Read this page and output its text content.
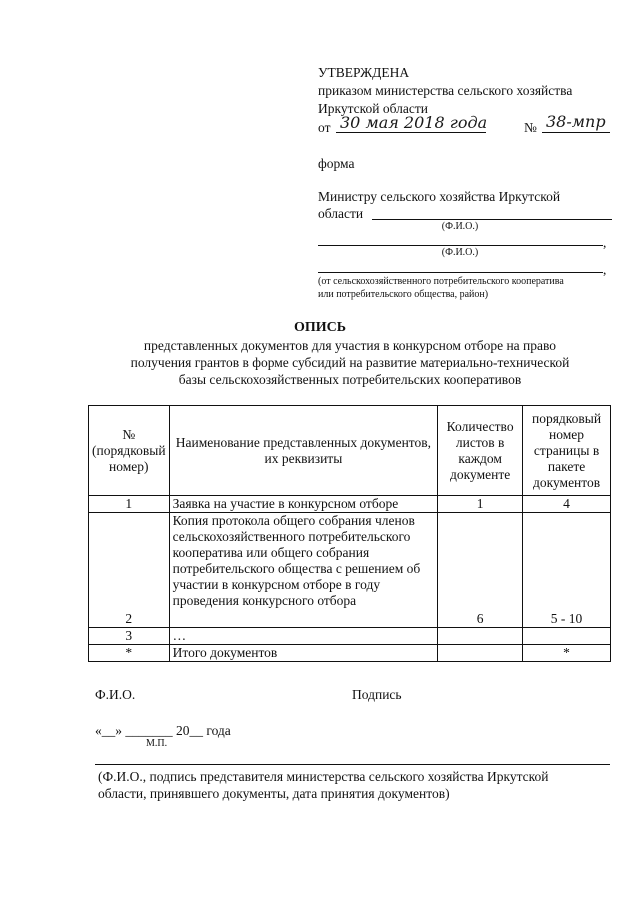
УТВЕРЖДЕНА
приказом министерства сельского хозяйства
Иркутской области
от 30 мая 2018 года	№ 38-мпр
форма
Министру сельского хозяйства Иркутской
области
(Ф.И.О.)
,
(Ф.И.О.)
,
(от сельскохозяйственного потребительского кооператива
или потребительского общества, район)
ОПИСЬ
представленных документов для участия в конкурсном отборе на право
получения грантов в форме субсидий на развитие материально-технической
базы сельскохозяйственных потребительских кооперативов
№ (порядковый номер)	Наименование представленных документов, их реквизиты	Количество листов в каждом документе	порядковый номер страницы в пакете документов
1	Заявка на участие в конкурсном отборе	1	4
2	Копия протокола общего собрания членов сельскохозяйственного потребительского кооператива или общего собрания потребительского общества с решением об участии в конкурсном отборе в году проведения конкурсного отбора	6	5 - 10
3	…		
*	Итого документов		*
Ф.И.О.	Подпись
«__» _______ 20__ года
М.П.
(Ф.И.О., подпись представителя министерства сельского хозяйства Иркутской
области, принявшего документы, дата принятия документов)
